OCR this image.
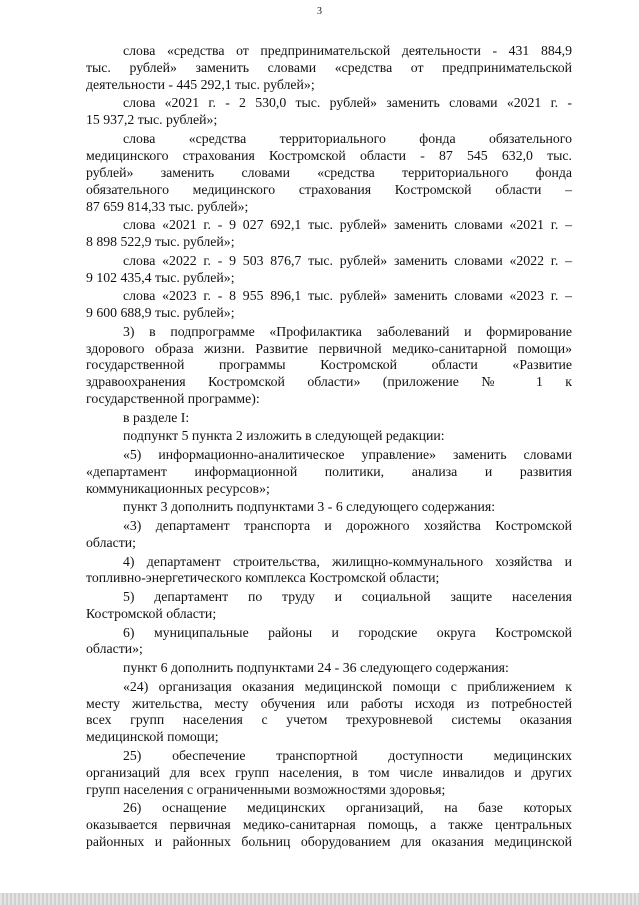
3
слова «средства от предпринимательской деятельности - 431 884,9
тыс. рублей» заменить словами «средства от предпринимательской
деятельности - 445 292,1 тыс. рублей»;
слова «2021 г. - 2 530,0 тыс. рублей» заменить словами «2021 г. -
15 937,2 тыс. рублей»;
слова «средства территориального фонда обязательного
медицинского страхования Костромской области - 87 545 632,0 тыс.
рублей» заменить словами «средства территориального фонда
обязательного медицинского страхования Костромской области –
87 659 814,33 тыс. рублей»;
слова «2021 г. - 9 027 692,1 тыс. рублей» заменить словами «2021 г. –
8 898 522,9 тыс. рублей»;
слова «2022 г. - 9 503 876,7 тыс. рублей» заменить словами «2022 г. –
9 102 435,4 тыс. рублей»;
слова «2023 г. - 8 955 896,1 тыс. рублей» заменить словами «2023 г. –
9 600 688,9 тыс. рублей»;
3) в подпрограмме «Профилактика заболеваний и формирование
здорового образа жизни. Развитие первичной медико-санитарной помощи»
государственной программы Костромской области «Развитие
здравоохранения Костромской области» (приложение № 1 к
государственной программе):
в разделе I:
подпункт 5 пункта 2 изложить в следующей редакции:
«5) информационно-аналитическое управление» заменить словами
«департамент информационной политики, анализа и развития
коммуникационных ресурсов»;
пункт 3 дополнить подпунктами 3 - 6 следующего содержания:
«3) департамент транспорта и дорожного хозяйства Костромской
области;
4) департамент строительства, жилищно-коммунального хозяйства и
топливно-энергетического комплекса Костромской области;
5) департамент по труду и социальной защите населения
Костромской области;
6) муниципальные районы и городские округа Костромской
области»;
пункт 6 дополнить подпунктами 24 - 36 следующего содержания:
«24) организация оказания медицинской помощи с приближением к
месту жительства, месту обучения или работы исходя из потребностей
всех групп населения с учетом трехуровневой системы оказания
медицинской помощи;
25) обеспечение транспортной доступности медицинских
организаций для всех групп населения, в том числе инвалидов и других
групп населения с ограниченными возможностями здоровья;
26) оснащение медицинских организаций, на базе которых
оказывается первичная медико-санитарная помощь, а также центральных
районных и районных больниц оборудованием для оказания медицинской
